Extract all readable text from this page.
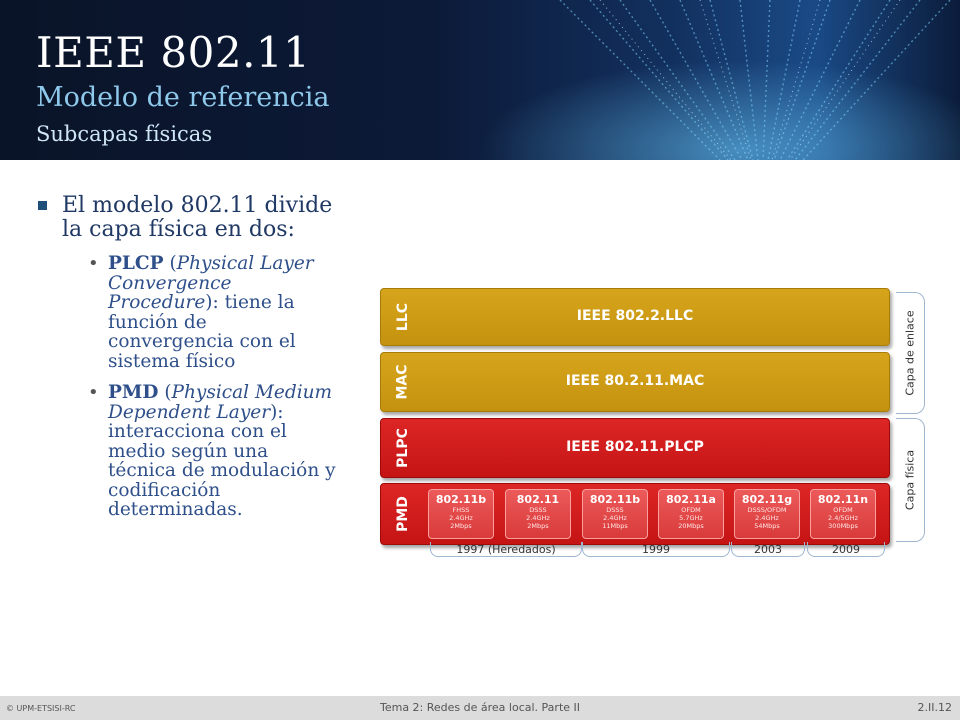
IEEE 802.11
Modelo de referencia
Subcapas físicas
El modelo 802.11 divide la capa física en dos:
• PLCP (Physical Layer Convergence Procedure): tiene la función de convergencia con el sistema físico
• PMD (Physical Medium Dependent Layer): interacciona con el medio según una técnica de modulación y codificación determinadas.
LLC	IEEE 802.2.LLC
MAC	IEEE 80.2.11.MAC
PLPC	IEEE 802.11.PLCP
PMD	802.11b
FHSS
2.4GHz
2Mbps
802.11
DSSS
2.4GHz
2Mbps
802.11b
DSSS
2.4GHz
11Mbps
802.11a
OFDM
5.7GHz
20Mbps
802.11g
DSSS/OFDM
2.4GHz
54Mbps
802.11n
OFDM
2.4/5GHz
300Mbps
1997 (Heredados)	1999	2003	2009
Capa de enlace
Capa física
© UPM-ETSISI-RC	Tema 2: Redes de área local. Parte II	2.II.12
